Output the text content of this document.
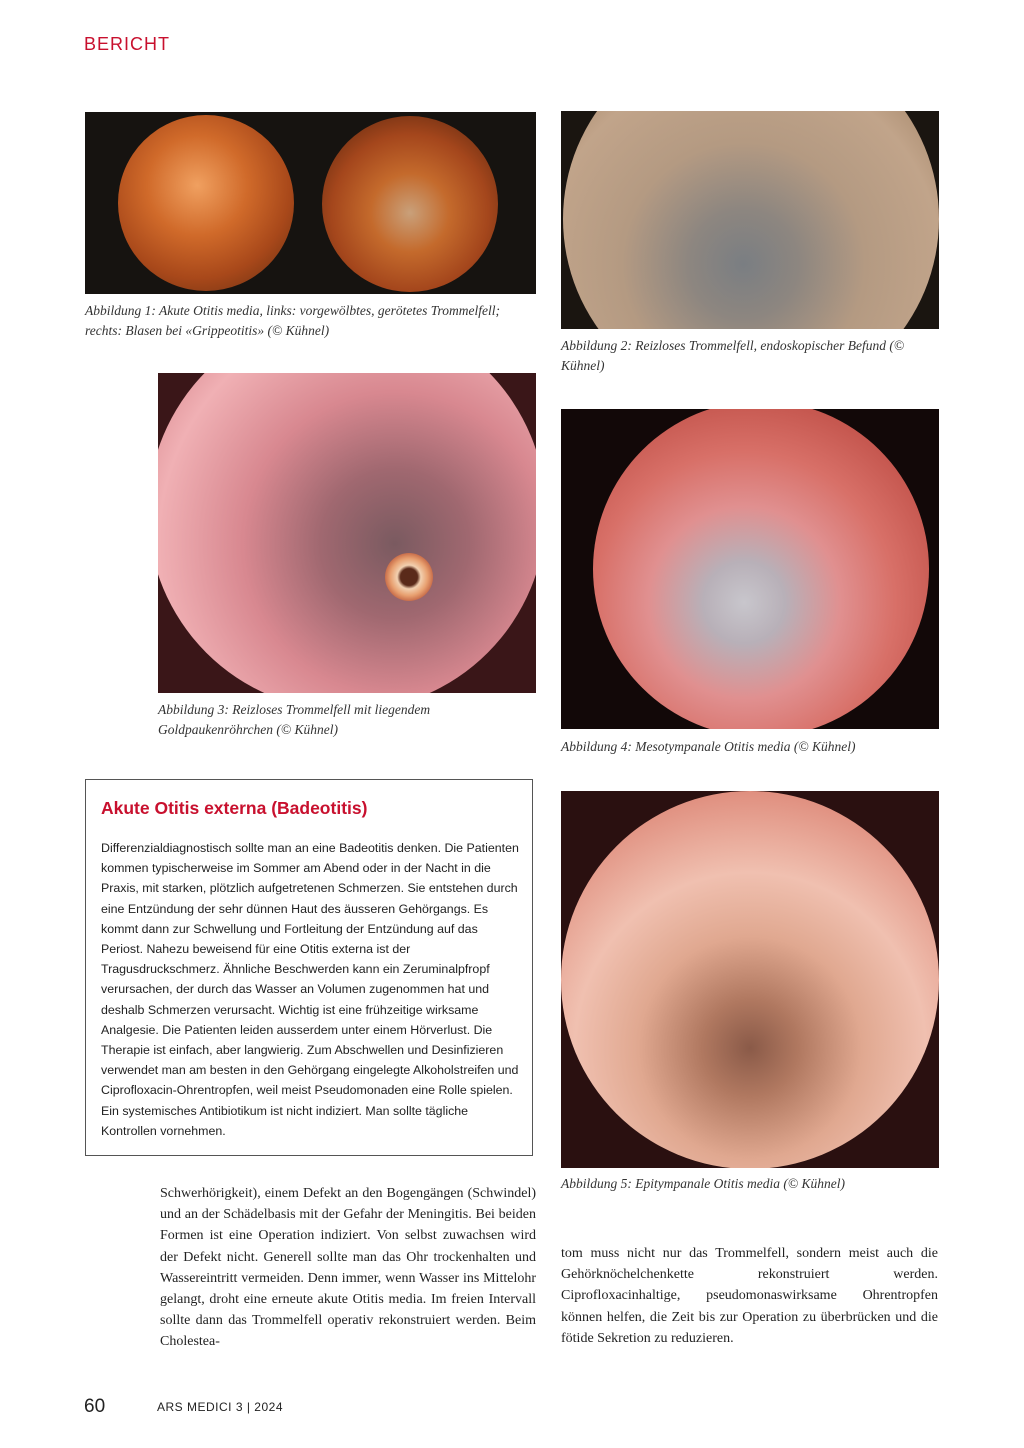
BERICHT
Abbildung 1: Akute Otitis media, links: vorgewölbtes, gerötetes Trommelfell; rechts: Blasen bei «Grippeotitis» (© Kühnel)
Abbildung 2: Reizloses Trommelfell, endoskopischer Befund (© Kühnel)
Abbildung 3: Reizloses Trommelfell mit liegendem Goldpaukenröhrchen (© Kühnel)
Abbildung 4: Mesotympanale Otitis media (© Kühnel)
Akute Otitis externa (Badeotitis)
Differenzialdiagnostisch sollte man an eine Badeotitis denken. Die Patienten kommen typischerweise im Sommer am Abend oder in der Nacht in die Praxis, mit starken, plötzlich aufgetretenen Schmerzen. Sie entstehen durch eine Entzündung der sehr dünnen Haut des äusseren Gehörgangs. Es kommt dann zur Schwellung und Fortleitung der Entzündung auf das Periost. Nahezu beweisend für eine Otitis externa ist der Tragusdruckschmerz. Ähnliche Beschwerden kann ein Zeruminalpfropf verursachen, der durch das Wasser an Volumen zugenommen hat und deshalb Schmerzen verursacht. Wichtig ist eine frühzeitige wirksame Analgesie. Die Patienten leiden ausserdem unter einem Hörverlust. Die Therapie ist einfach, aber langwierig. Zum Abschwellen und Desinfizieren verwendet man am besten in den Gehörgang eingelegte Alkoholstreifen und Ciprofloxacin-Ohrentropfen, weil meist Pseudomonaden eine Rolle spielen. Ein systemisches Antibiotikum ist nicht indiziert. Man sollte tägliche Kontrollen vornehmen.
Abbildung 5: Epitympanale Otitis media (© Kühnel)
Schwerhörigkeit), einem Defekt an den Bogengängen (Schwindel) und an der Schädelbasis mit der Gefahr der Meningitis. Bei beiden Formen ist eine Operation indiziert. Von selbst zuwachsen wird der Defekt nicht. Generell sollte man das Ohr trockenhalten und Wassereintritt vermeiden. Denn immer, wenn Wasser ins Mittelohr gelangt, droht eine erneute akute Otitis media. Im freien Intervall sollte dann das Trommelfell operativ rekonstruiert werden. Beim Cholestea-
tom muss nicht nur das Trommelfell, sondern meist auch die Gehörknöchelchenkette rekonstruiert werden. Ciprofloxacinhaltige, pseudomonaswirksame Ohrentropfen können helfen, die Zeit bis zur Operation zu überbrücken und die fötide Sekretion zu reduzieren.
60	ARS MEDICI 3 | 2024
